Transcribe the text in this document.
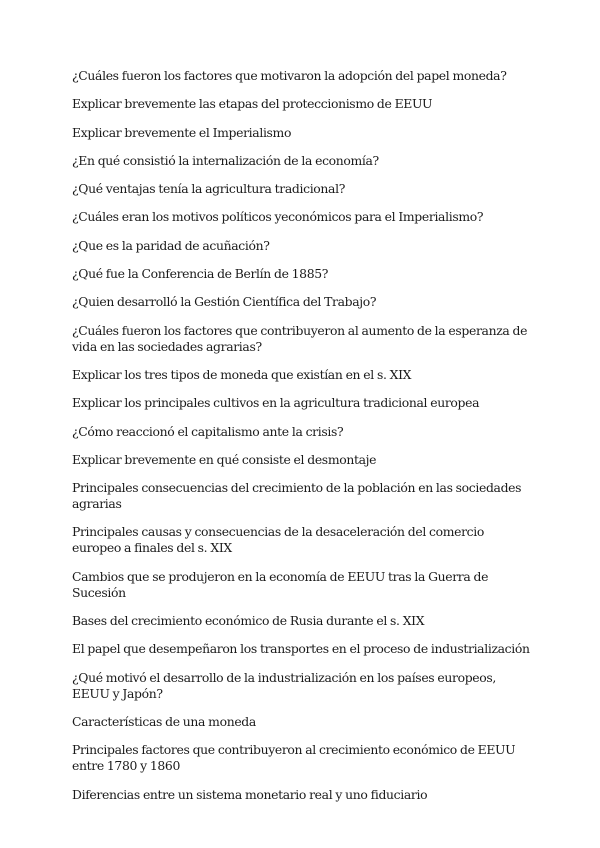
¿Cuáles fueron los factores que motivaron la adopción del papel moneda?
Explicar brevemente las etapas del proteccionismo de EEUU
Explicar brevemente el Imperialismo
¿En qué consistió la internalización de la economía?
¿Qué ventajas tenía la agricultura tradicional?
¿Cuáles eran los motivos políticos yeconómicos para el Imperialismo?
¿Que es la paridad de acuñación?
¿Qué fue la Conferencia de Berlín de 1885?
¿Quien desarrolló la Gestión Científica del Trabajo?
¿Cuáles fueron los factores que contribuyeron al aumento de la esperanza de vida en las sociedades agrarias?
Explicar los tres tipos de moneda que existían en el s. XIX
Explicar los principales cultivos en la agricultura tradicional europea
¿Cómo reaccionó el capitalismo ante la crisis?
Explicar brevemente en qué consiste el desmontaje
Principales consecuencias del crecimiento de la población en las sociedades agrarias
Principales causas y consecuencias de la desaceleración del comercio europeo a finales del s. XIX
Cambios que se produjeron en la economía de EEUU tras la Guerra de Sucesión
Bases del crecimiento económico de Rusia durante el s. XIX
El papel que desempeñaron los transportes en el proceso de industrialización
¿Qué motivó el desarrollo de la industrialización en los países europeos, EEUU y Japón?
Características de una moneda
Principales factores que contribuyeron al crecimiento económico de EEUU entre 1780 y 1860
Diferencias entre un sistema monetario real y uno fiduciario
